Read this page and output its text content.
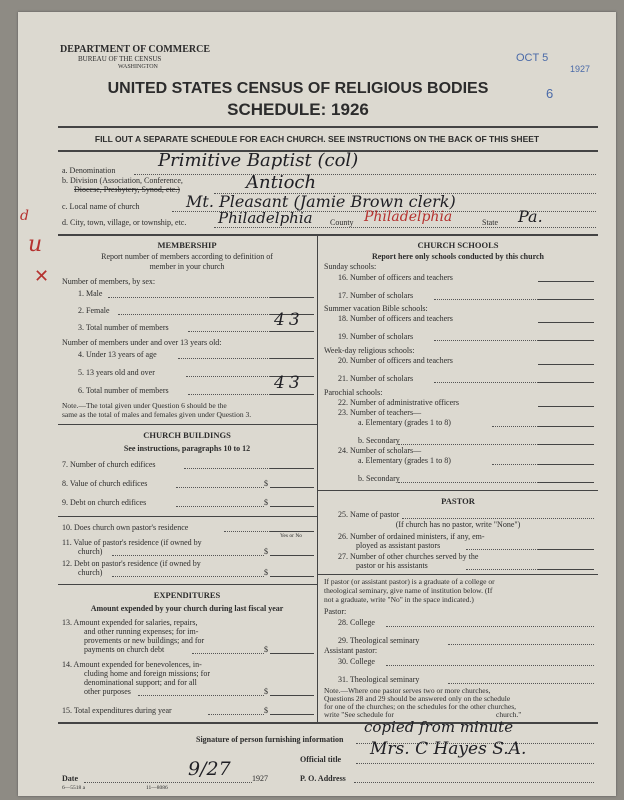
DEPARTMENT OF COMMERCE
BUREAU OF THE CENSUS
WASHINGTON
OCT 5
1927
6
UNITED STATES CENSUS OF RELIGIOUS BODIES
SCHEDULE: 1926
FILL OUT A SEPARATE SCHEDULE FOR EACH CHURCH. SEE INSTRUCTIONS ON THE BACK OF THIS SHEET
a. Denomination Primitive Baptist (col)
b. Division (Association, Conference,
Diocese, Presbytery, Synod, etc.)	Antioch
c. Local name of church	Mt. Pleasant (Jamie Brown clerk)
d. City, town, village, or township, etc. Philadelphia County Philadelphia	State Pa.
u
✕
d
MEMBERSHIP
Report number of members according to definition of
member in your church
Number of members, by sex:
1. Male
2. Female
3. Total number of members	43
Number of members under and over 13 years old:
4. Under 13 years of age
5. 13 years old and over
6. Total number of members	43
Note.—The total given under Question 6 should be the
same as the total of males and females given under Question 3.
CHURCH BUILDINGS
See instructions, paragraphs 10 to 12
7. Number of church edifices
8. Value of church edifices	$
9. Debt on church edifices	$
10. Does church own pastor's residence
Yes or No
11. Value of pastor's residence (if owned by
church)	$
12. Debt on pastor's residence (if owned by
church)	$
EXPENDITURES
Amount expended by your church during last fiscal year
13. Amount expended for salaries, repairs,
and other running expenses; for im-
provements or new buildings; and for
payments on church debt	$
14. Amount expended for benevolences, in-
cluding home and foreign missions; for
denominational support; and for all
other purposes	$
15. Total expenditures during year	$
CHURCH SCHOOLS
Report here only schools conducted by this church
Sunday schools:
16. Number of officers and teachers
17. Number of scholars
Summer vacation Bible schools:
18. Number of officers and teachers
19. Number of scholars
Week-day religious schools:
20. Number of officers and teachers
21. Number of scholars
Parochial schools:
22. Number of administrative officers
23. Number of teachers—
a. Elementary (grades 1 to 8)
b. Secondary
24. Number of scholars—
a. Elementary (grades 1 to 8)
b. Secondary
PASTOR
25. Name of pastor
(If church has no pastor, write "None")
26. Number of ordained ministers, if any, em-
ployed as assistant pastors
27. Number of other churches served by the
pastor or his assistants
If pastor (or assistant pastor) is a graduate of a college or
theological seminary, give name of institution below. (If
not a graduate, write "No" in the space indicated.)
Pastor:
28. College
29. Theological seminary
Assistant pastor:
30. College
31. Theological seminary
Note.—Where one pastor serves two or more churches,
Questions 28 and 29 should be answered only on the schedule
for one of the churches; on the schedules for the other churches,
write "See schedule for	church."
Signature of person furnishing information
copied from minute
Official title
Mrs. C Hayes S.A.
Date	9/27	1927	P. O. Address
6—5518 a	11—8086
